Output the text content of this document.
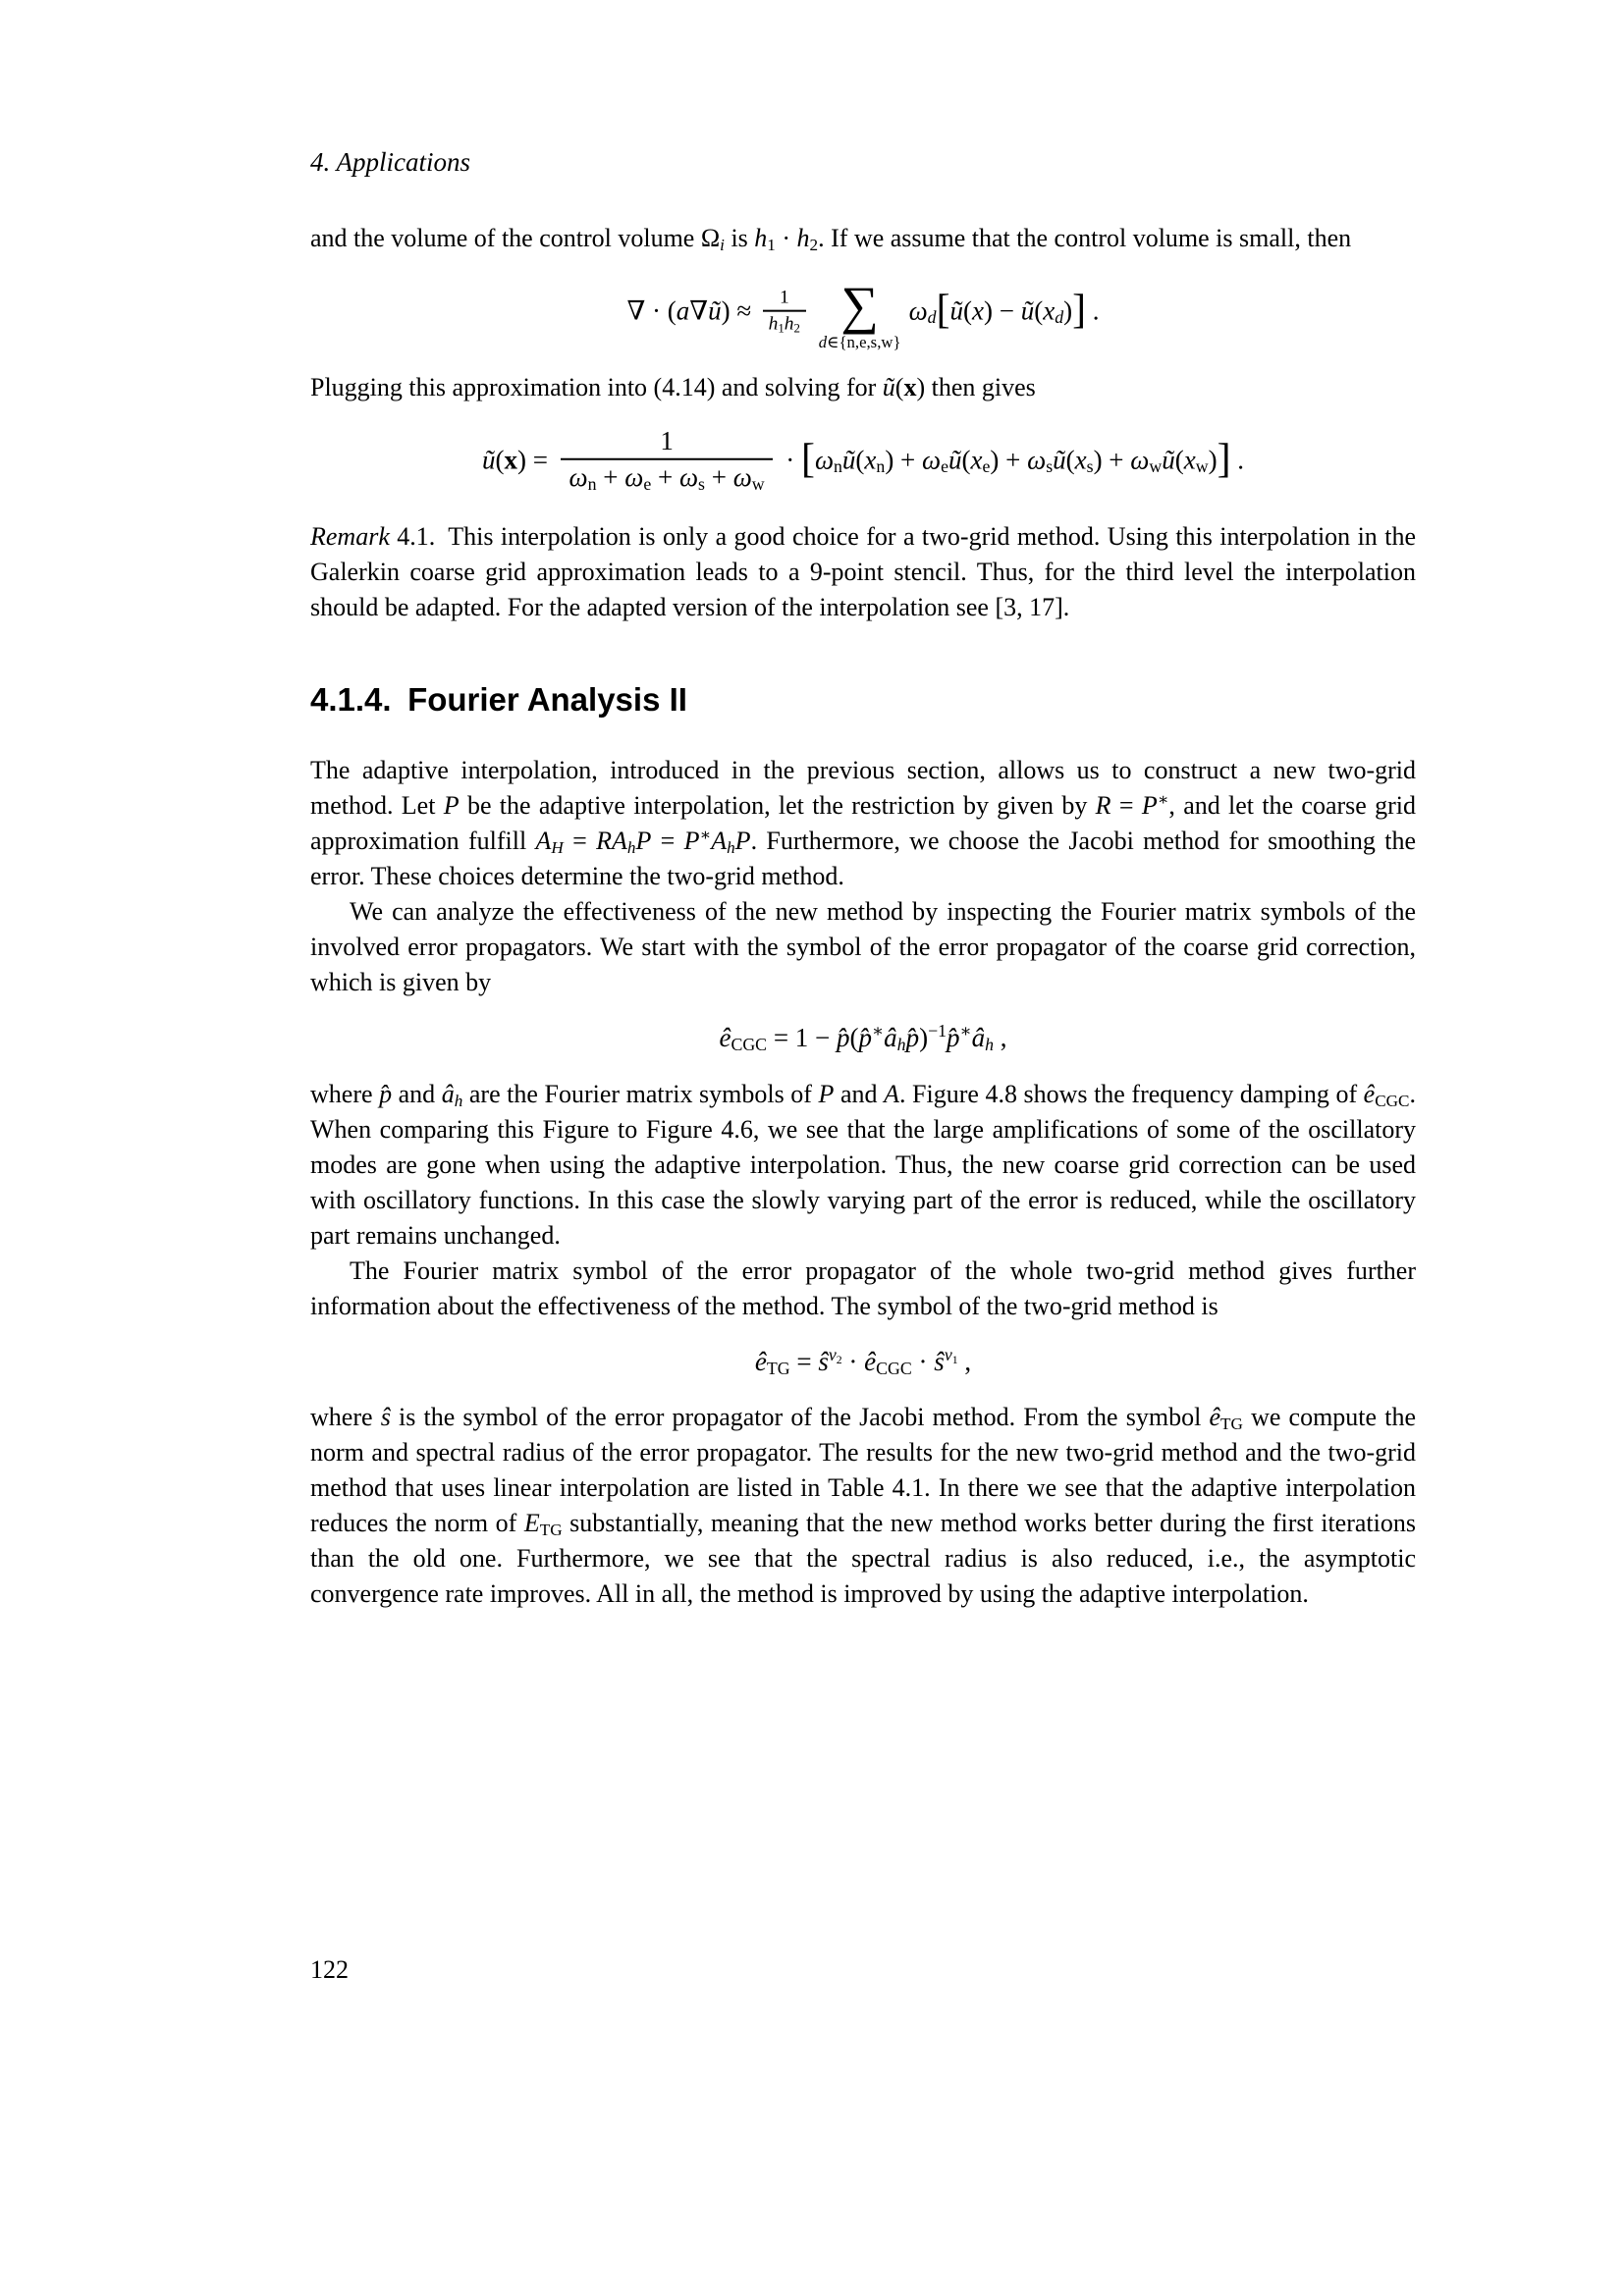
4. Applications

and the volume of the control volume Ωi is h1 · h2. If we assume that the control volume is small, then

∇ · (a∇ũ) ≈ $\frac{1}{h1h2}$ ∑
d∈{n,e,s,w}
ωd[ũ(x) − ũ(xd)] .

Plugging this approximation into (4.14) and solving for ũ(x) then gives

ũ(x) = $\frac{1}{\omega n + \omega e + \omega s + \omega w}$ · [ωnũ(xn) + ωeũ(xe) + ωsũ(xs) + ωwũ(xw)] .

Remark 4.1. This interpolation is only a good choice for a two-grid method. Using this interpolation in the Galerkin coarse grid approximation leads to a 9-point stencil. Thus, for the third level the interpolation should be adapted. For the adapted version of the interpolation see [3, 17].

4.1.4. Fourier Analysis II

The adaptive interpolation, introduced in the previous section, allows us to construct a new two-grid method. Let P be the adaptive interpolation, let the restriction by given by R = P∗, and let the coarse grid approximation fulfill AH = RAhP = P∗AhP. Furthermore, we choose the Jacobi method for smoothing the error. These choices determine the two-grid method.

We can analyze the effectiveness of the new method by inspecting the Fourier matrix symbols of the involved error propagators. We start with the symbol of the error propagator of the coarse grid correction, which is given by

êCGC = 1 − p̂(p̂∗âhp̂)$^{-1}$p̂∗âh ,

where p̂ and âh are the Fourier matrix symbols of P and A. Figure 4.8 shows the frequency damping of êCGC. When comparing this Figure to Figure 4.6, we see that the large amplifications of some of the oscillatory modes are gone when using the adaptive interpolation. Thus, the new coarse grid correction can be used with oscillatory functions. In this case the slowly varying part of the error is reduced, while the oscillatory part remains unchanged.

The Fourier matrix symbol of the error propagator of the whole two-grid method gives further information about the effectiveness of the method. The symbol of the two-grid method is

êTG = $ŝ^{\nu 2}$ · êCGC · $ŝ^{\nu 1}$ ,

where ŝ is the symbol of the error propagator of the Jacobi method. From the symbol êTG we compute the norm and spectral radius of the error propagator. The results for the new two-grid method and the two-grid method that uses linear interpolation are listed in Table 4.1. In there we see that the adaptive interpolation reduces the norm of ETG substantially, meaning that the new method works better during the first iterations than the old one. Furthermore, we see that the spectral radius is also reduced, i.e., the asymptotic convergence rate improves. All in all, the method is improved by using the adaptive interpolation.

122
